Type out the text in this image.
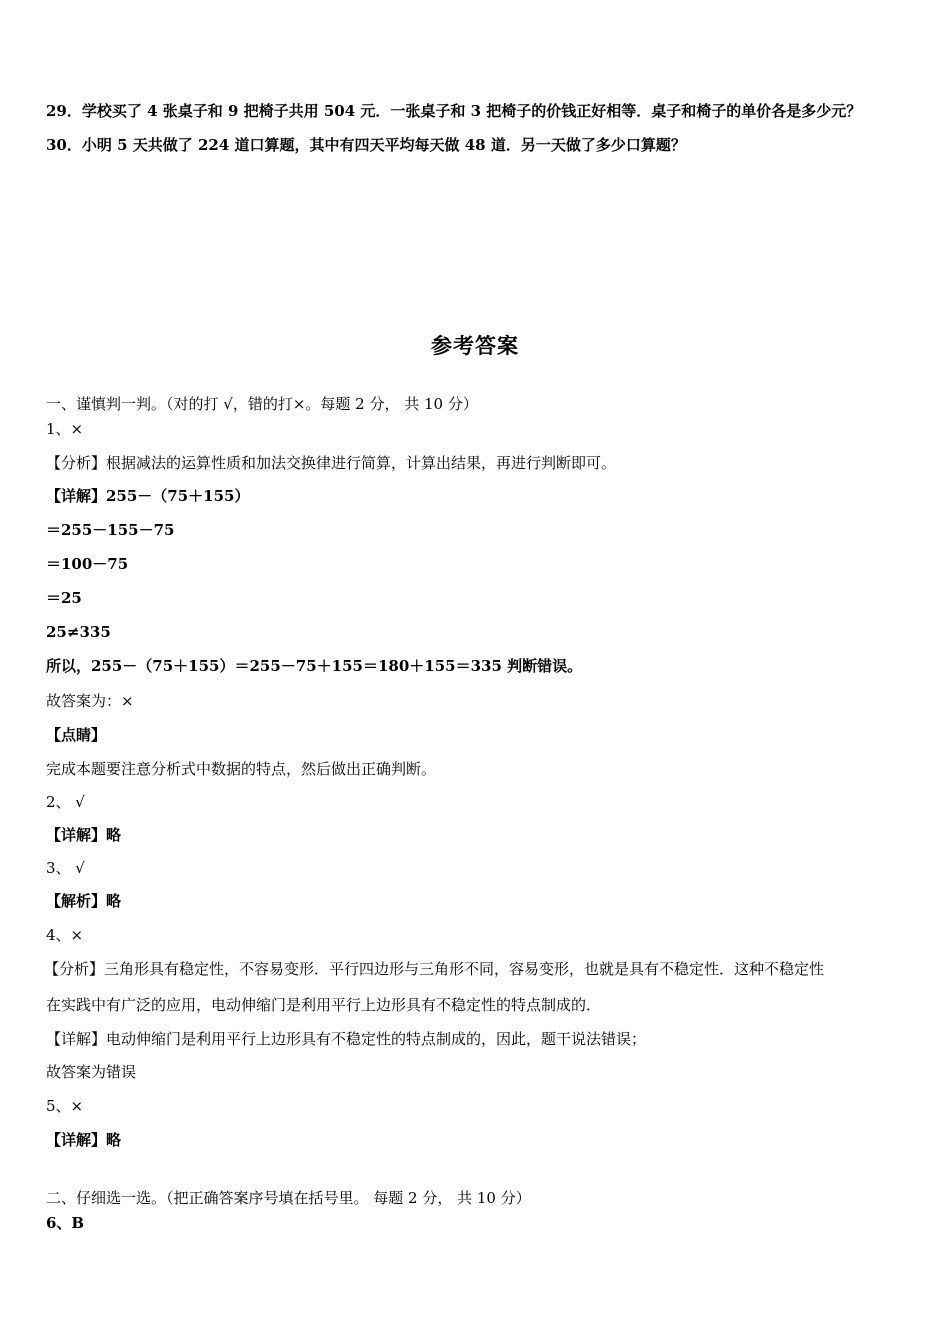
29．学校买了 4 张桌子和 9 把椅子共用 504 元．一张桌子和 3 把椅子的价钱正好相等．桌子和椅子的单价各是多少元？
30．小明 5 天共做了 224 道口算题，其中有四天平均每天做 48 道．另一天做了多少口算题？
参考答案
一、谨慎判一判。（对的打 √，错的打×。每题 2 分， 共 10 分）
1、×
【分析】根据减法的运算性质和加法交换律进行简算，计算出结果，再进行判断即可。
【详解】255－（75＋155）
＝255－155－75
＝100－75
＝25
25≠335
所以，255－（75＋155）＝255－75＋155＝180＋155＝335 判断错误。
故答案为：×
【点睛】
完成本题要注意分析式中数据的特点，然后做出正确判断。
2、 √
【详解】略
3、 √
【解析】略
4、×
【分析】三角形具有稳定性，不容易变形．平行四边形与三角形不同，容易变形，也就是具有不稳定性．这种不稳定性
在实践中有广泛的应用，电动伸缩门是利用平行上边形具有不稳定性的特点制成的．
【详解】电动伸缩门是利用平行上边形具有不稳定性的特点制成的，因此，题干说法错误；
故答案为错误
5、×
【详解】略
二、仔细选一选。（把正确答案序号填在括号里。 每题 2 分， 共 10 分）
6、B
